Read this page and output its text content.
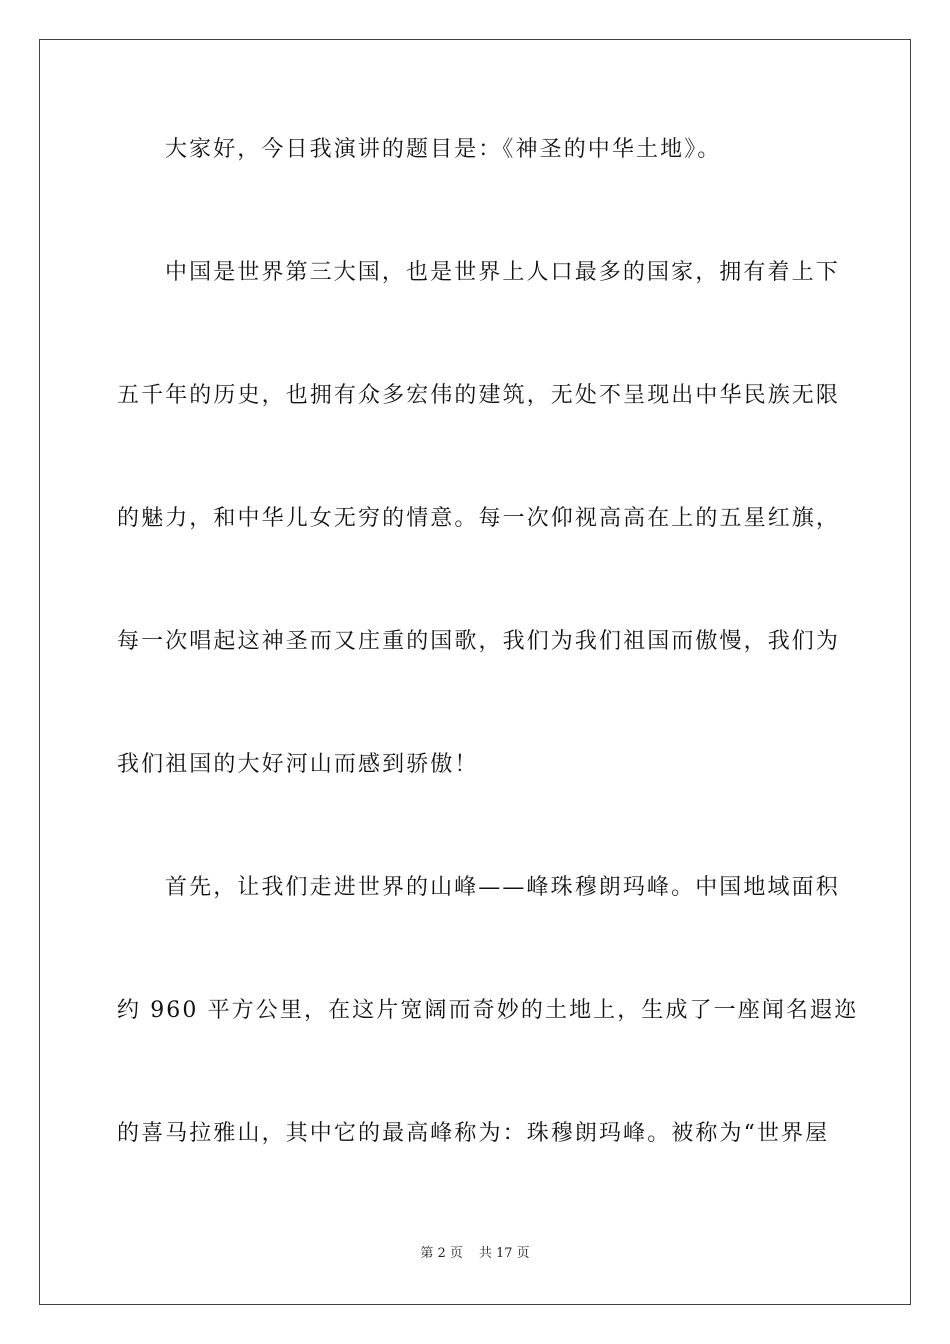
大家好，今日我演讲的题目是：《神圣的中华土地》。
中国是世界第三大国，也是世界上人口最多的国家，拥有着上下
五千年的历史，也拥有众多宏伟的建筑，无处不呈现出中华民族无限
的魅力，和中华儿女无穷的情意。每一次仰视高高在上的五星红旗，
每一次唱起这神圣而又庄重的国歌，我们为我们祖国而傲慢，我们为
我们祖国的大好河山而感到骄傲！
首先，让我们走进世界的山峰——峰珠穆朗玛峰。中国地域面积
约 960 平方公里，在这片宽阔而奇妙的土地上，生成了一座闻名遐迩
的喜马拉雅山，其中它的最高峰称为：珠穆朗玛峰。被称为“世界屋
第 2 页 共 17 页
